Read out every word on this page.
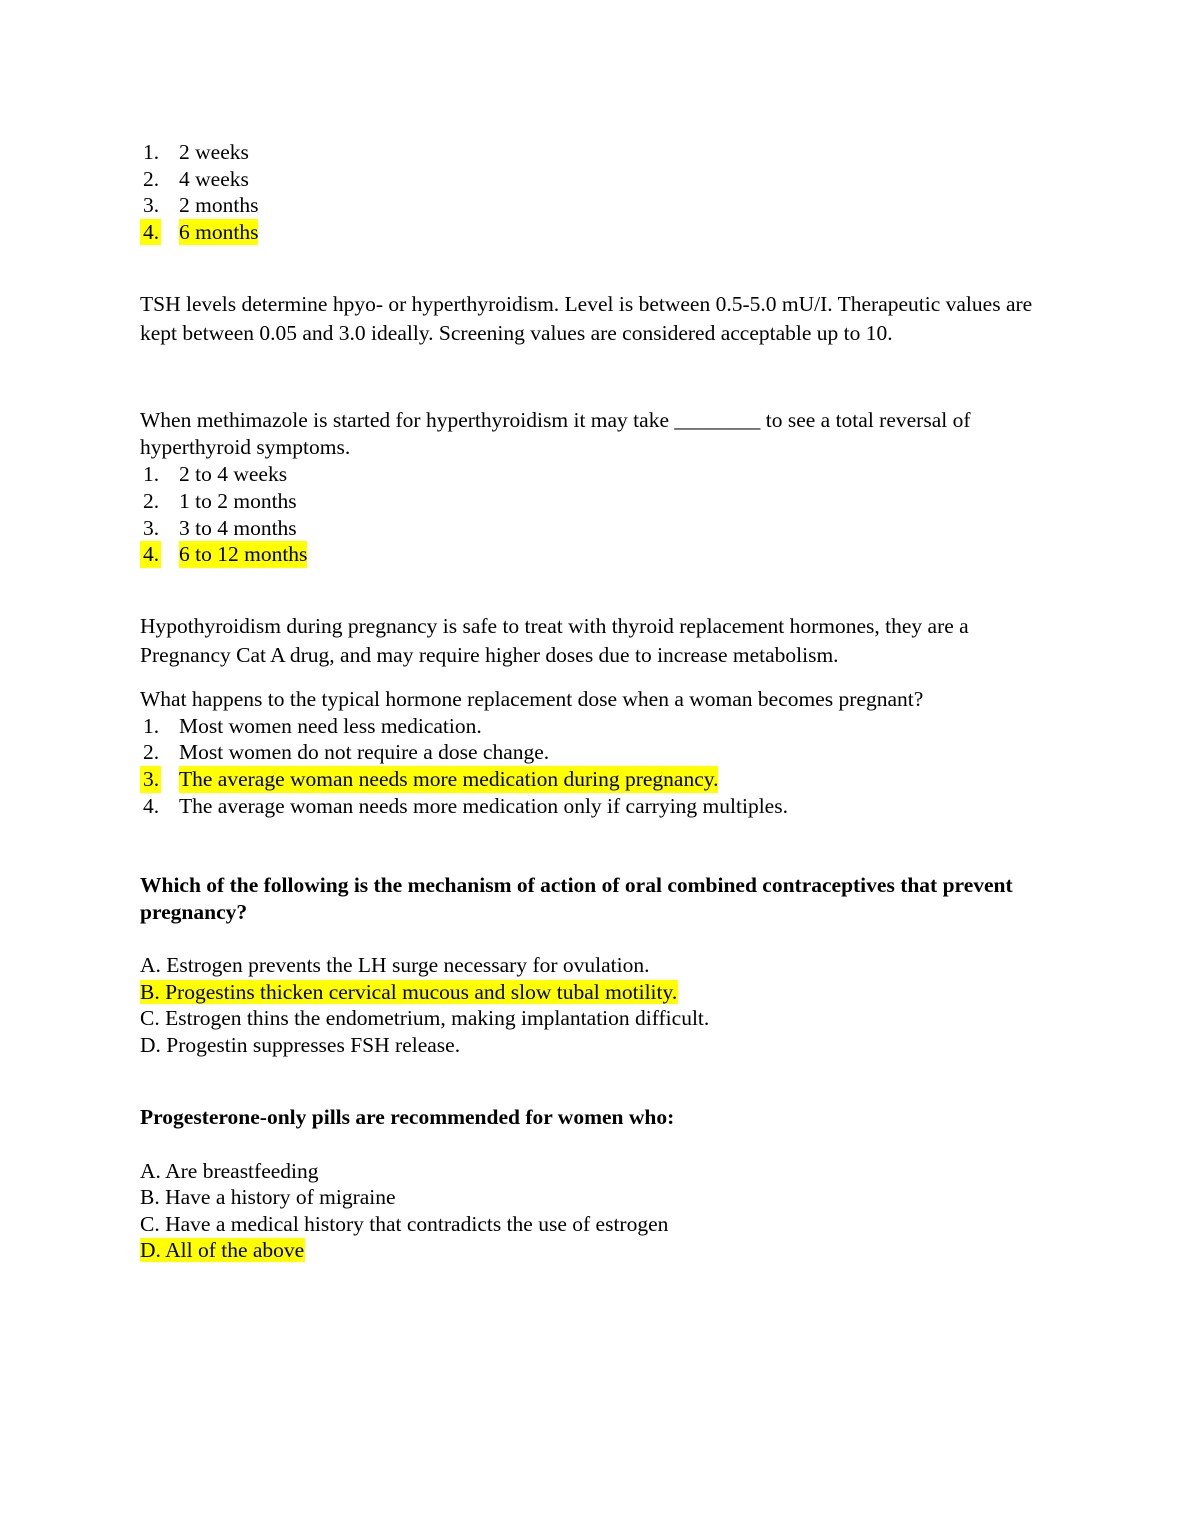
1. 2 weeks
2. 4 weeks
3. 2 months
4. 6 months

TSH levels determine hpyo- or hyperthyroidism. Level is between 0.5-5.0 mU/I. Therapeutic values are kept between 0.05 and 3.0 ideally. Screening values are considered acceptable up to 10.

When methimazole is started for hyperthyroidism it may take ________ to see a total reversal of hyperthyroid symptoms.

1. 2 to 4 weeks
2. 1 to 2 months
3. 3 to 4 months
4. 6 to 12 months

Hypothyroidism during pregnancy is safe to treat with thyroid replacement hormones, they are a Pregnancy Cat A drug, and may require higher doses due to increase metabolism.

What happens to the typical hormone replacement dose when a woman becomes pregnant?

1. Most women need less medication.
2. Most women do not require a dose change.
3. The average woman needs more medication during pregnancy.
4. The average woman needs more medication only if carrying multiples.

Which of the following is the mechanism of action of oral combined contraceptives that prevent pregnancy?

A. Estrogen prevents the LH surge necessary for ovulation.
B. Progestins thicken cervical mucous and slow tubal motility.
C. Estrogen thins the endometrium, making implantation difficult.
D. Progestin suppresses FSH release.

Progesterone-only pills are recommended for women who:

A. Are breastfeeding
B. Have a history of migraine
C. Have a medical history that contradicts the use of estrogen
D. All of the above
